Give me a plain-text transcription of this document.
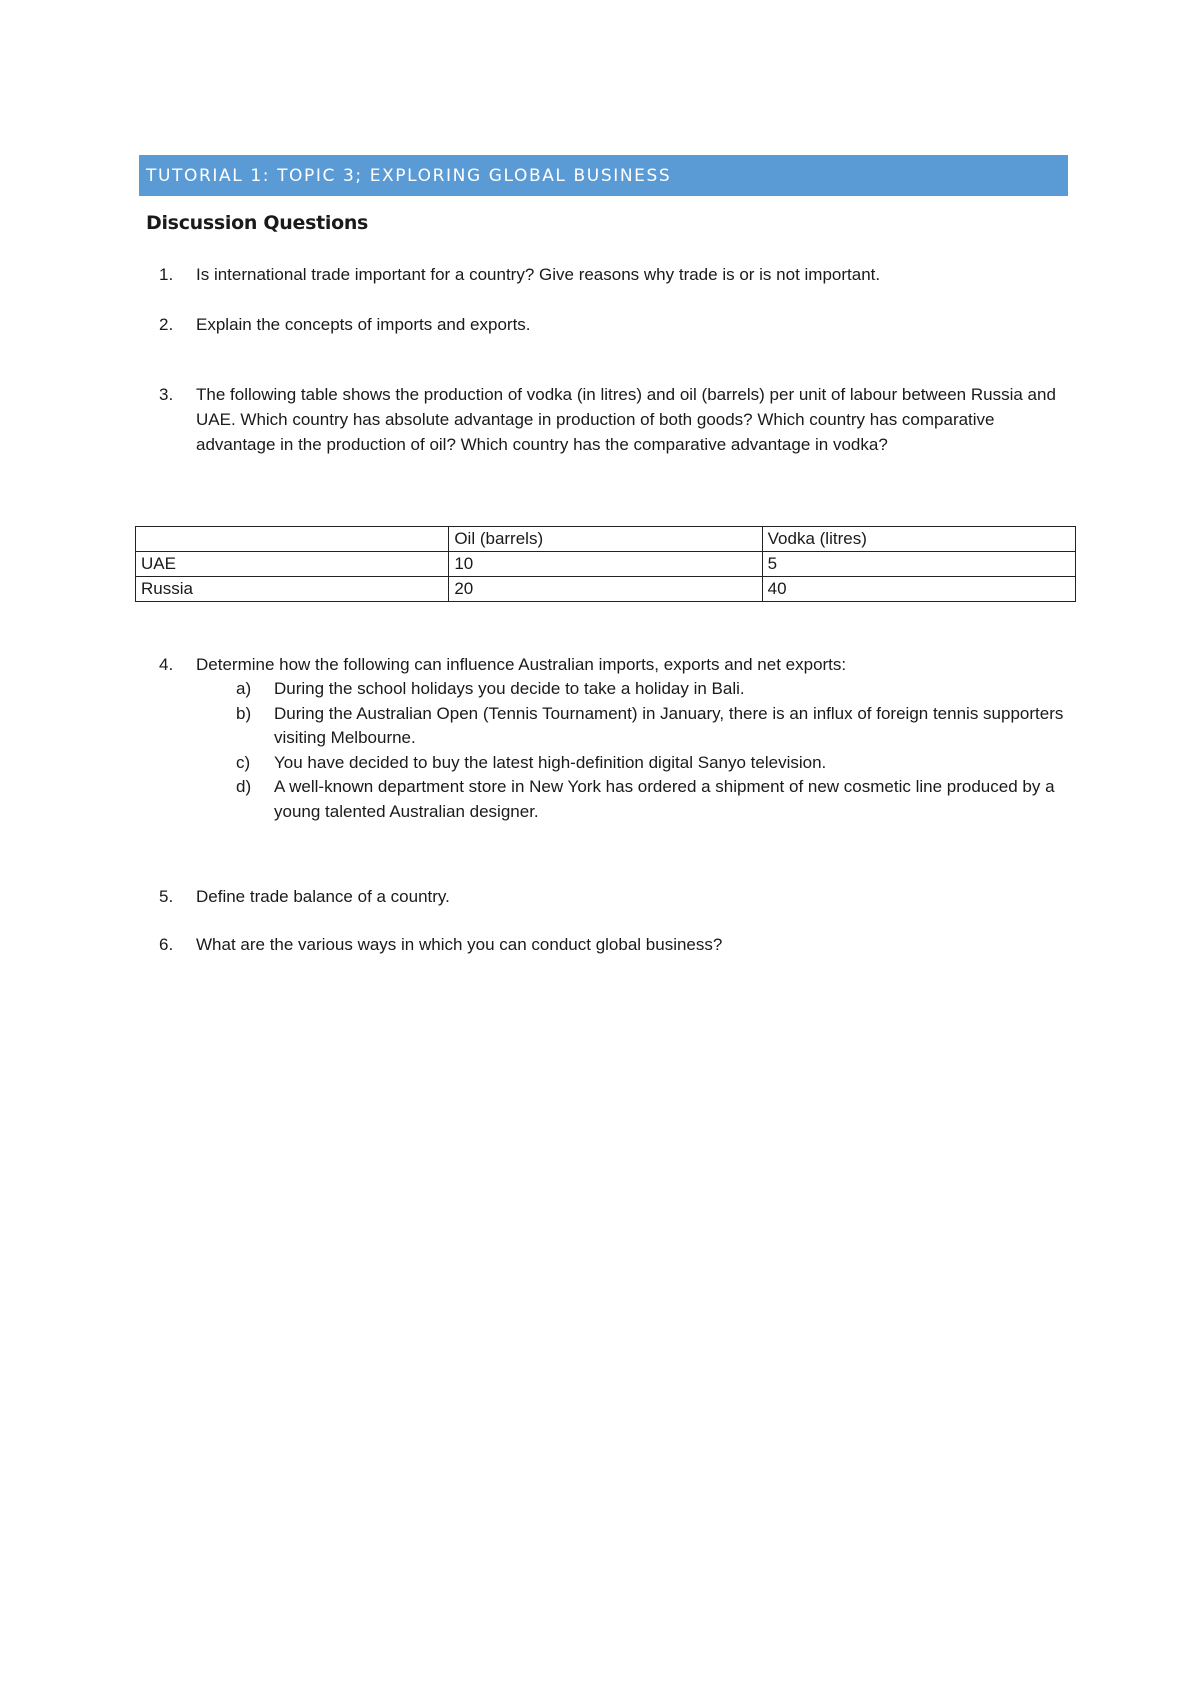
TUTORIAL 1: TOPIC 3; EXPLORING GLOBAL BUSINESS
Discussion Questions
1.	Is international trade important for a country? Give reasons why trade is or is not important.
2.	Explain the concepts of imports and exports.
3.	The following table shows the production of vodka (in litres) and oil (barrels) per unit of labour between Russia and UAE. Which country has absolute advantage in production of both goods? Which country has comparative advantage in the production of oil? Which country has the comparative advantage in vodka?
	Oil (barrels)	Vodka (litres)
UAE	10	5
Russia	20	40
4.	Determine how the following can influence Australian imports, exports and net exports:
a)	During the school holidays you decide to take a holiday in Bali.
b)	During the Australian Open (Tennis Tournament) in January, there is an influx of foreign tennis supporters visiting Melbourne.
c)	You have decided to buy the latest high-definition digital Sanyo television.
d)	A well-known department store in New York has ordered a shipment of new cosmetic line produced by a young talented Australian designer.
5.	Define trade balance of a country.
6.	What are the various ways in which you can conduct global business?
